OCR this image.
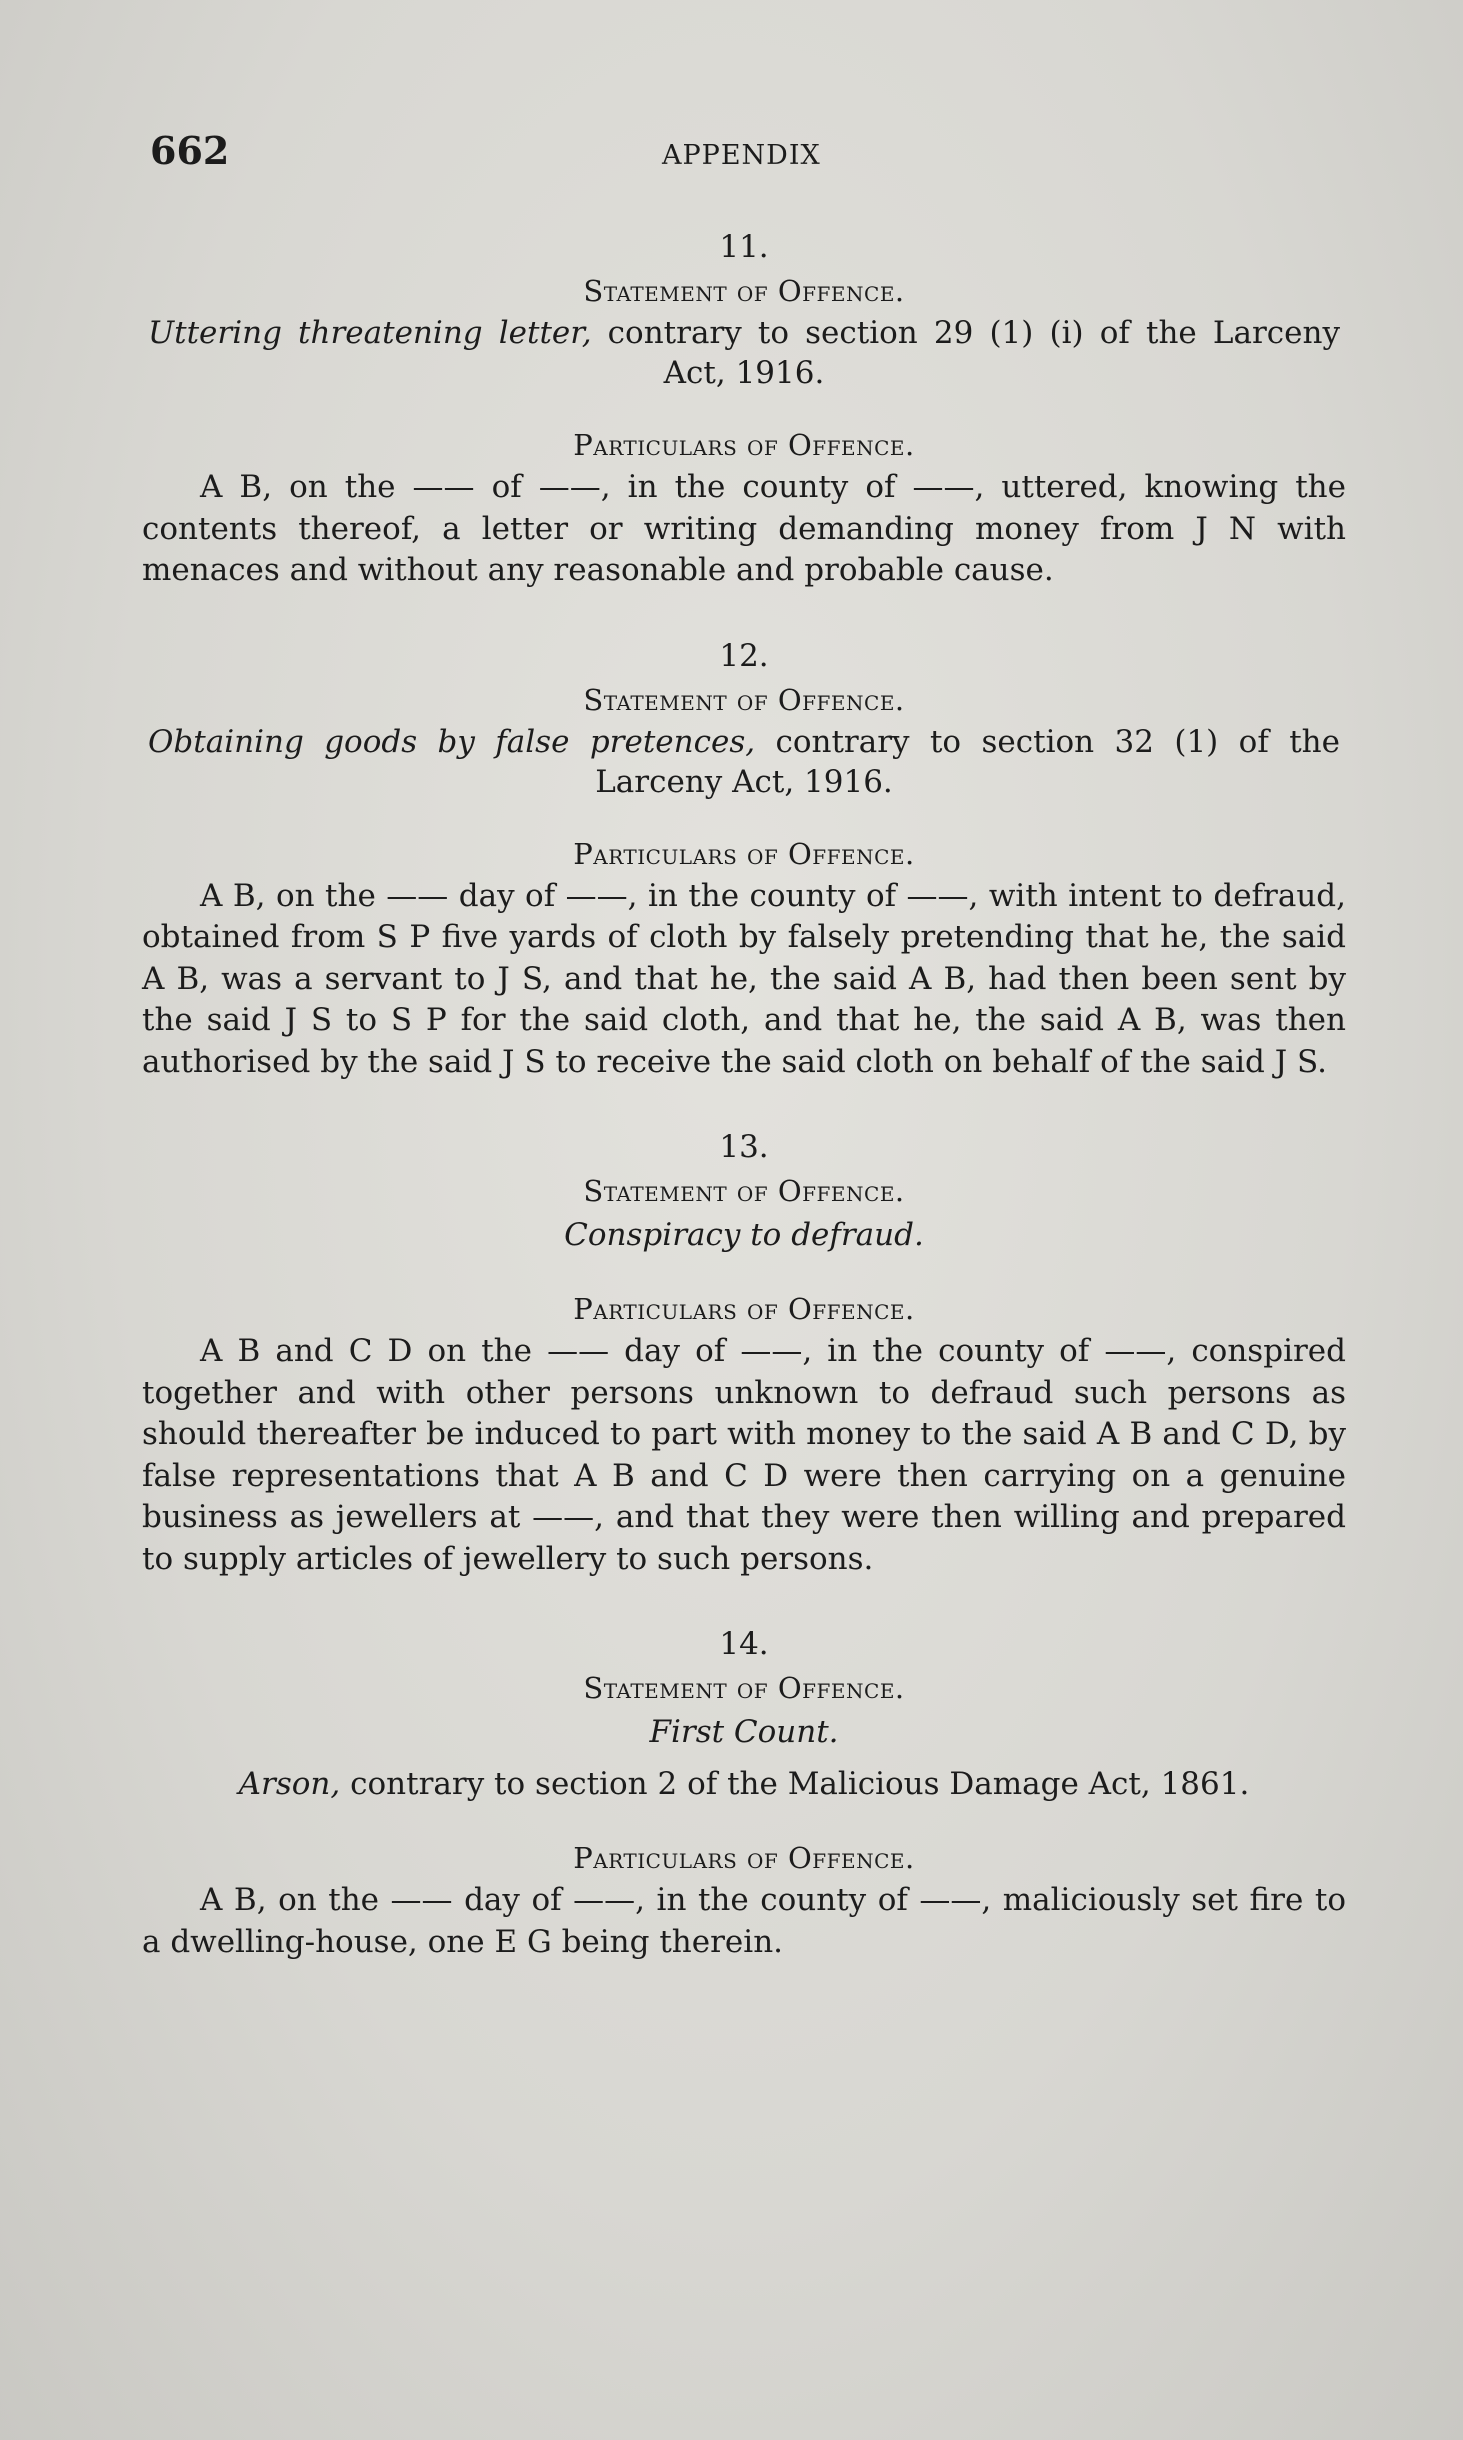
662	APPENDIX

11.

Statement of Offence.

Uttering threatening letter, contrary to section 29 (1) (i) of the Larceny Act, 1916.

Particulars of Offence.

A B, on the —— of ——, in the county of ——, uttered, knowing the contents thereof, a letter or writing demanding money from J N with menaces and without any reasonable and probable cause.

12.

Statement of Offence.

Obtaining goods by false pretences, contrary to section 32 (1) of the Larceny Act, 1916.

Particulars of Offence.

A B, on the —— day of ——, in the county of ——, with intent to defraud, obtained from S P five yards of cloth by falsely pretending that he, the said A B, was a servant to J S, and that he, the said A B, had then been sent by the said J S to S P for the said cloth, and that he, the said A B, was then authorised by the said J S to receive the said cloth on behalf of the said J S.

13.

Statement of Offence.

Conspiracy to defraud.

Particulars of Offence.

A B and C D on the —— day of ——, in the county of ——, conspired together and with other persons unknown to defraud such persons as should thereafter be induced to part with money to the said A B and C D, by false representations that A B and C D were then carrying on a genuine business as jewellers at ——, and that they were then willing and prepared to supply articles of jewellery to such persons.

14.

Statement of Offence.

First Count.

Arson, contrary to section 2 of the Malicious Damage Act, 1861.

Particulars of Offence.

A B, on the —— day of ——, in the county of ——, maliciously set fire to a dwelling-house, one E G being therein.
